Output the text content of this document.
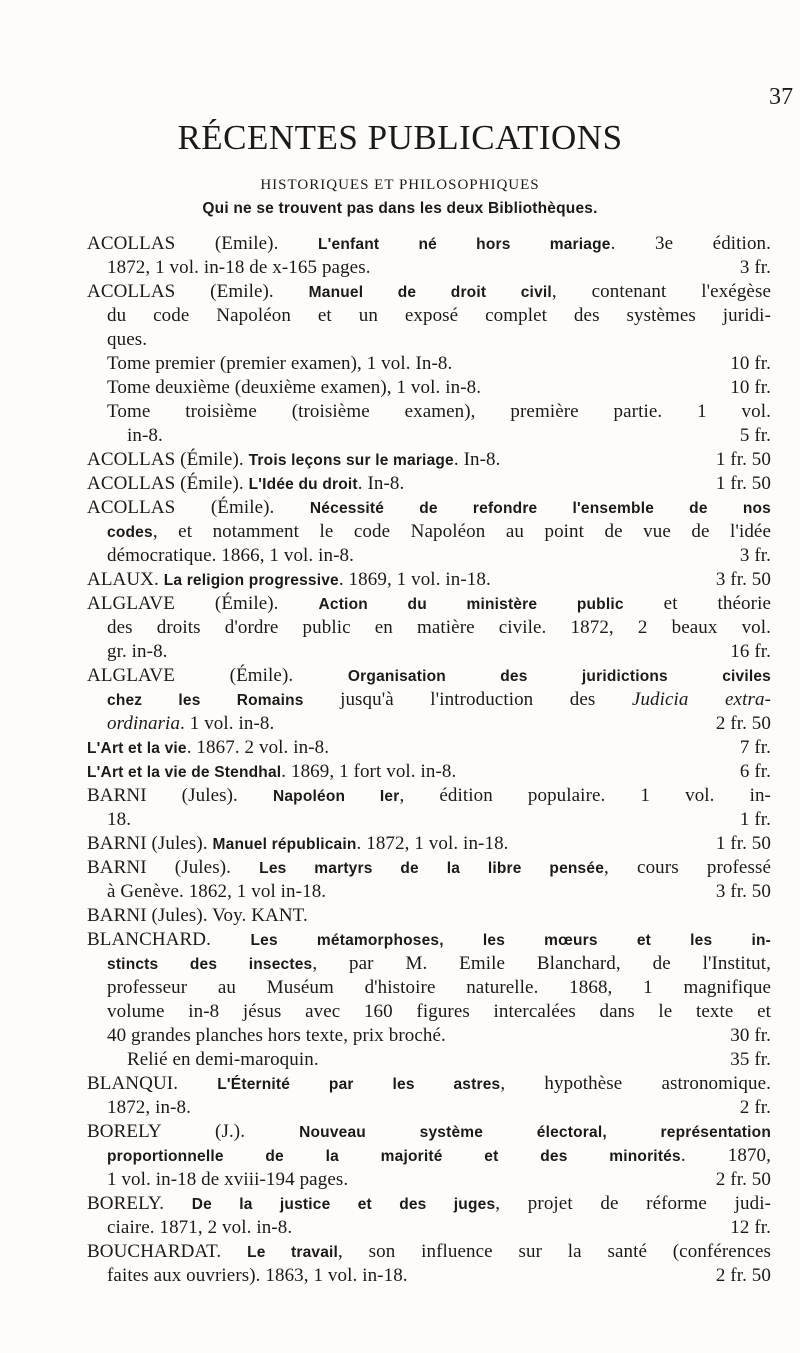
37
RÉCENTES PUBLICATIONS
HISTORIQUES ET PHILOSOPHIQUES
Qui ne se trouvent pas dans les deux Bibliothèques.
ACOLLAS (Emile). L'enfant né hors mariage. 3e édition.
1872, 1 vol. in-18 de x-165 pages.	3 fr.
ACOLLAS (Emile). Manuel de droit civil, contenant l'exégèse
du code Napoléon et un exposé complet des systèmes juridi-
ques.
Tome premier (premier examen), 1 vol. In-8.	10 fr.
Tome deuxième (deuxième examen), 1 vol. in-8.	10 fr.
Tome troisième (troisième examen), première partie. 1 vol.
in-8.	5 fr.
ACOLLAS (Émile). Trois leçons sur le mariage. In-8.	1 fr. 50
ACOLLAS (Émile). L'Idée du droit. In-8.	1 fr. 50
ACOLLAS (Émile). Nécessité de refondre l'ensemble de nos
codes, et notamment le code Napoléon au point de vue de l'idée
démocratique. 1866, 1 vol. in-8.	3 fr.
ALAUX. La religion progressive. 1869, 1 vol. in-18.	3 fr. 50
ALGLAVE (Émile). Action du ministère public et théorie
des droits d'ordre public en matière civile. 1872, 2 beaux vol.
gr. in-8.	16 fr.
ALGLAVE (Émile). Organisation des juridictions civiles
chez les Romains jusqu'à l'introduction des Judicia extra-
ordinaria. 1 vol. in-8.	2 fr. 50
L'Art et la vie. 1867. 2 vol. in-8.	7 fr.
L'Art et la vie de Stendhal. 1869, 1 fort vol. in-8.	6 fr.
BARNI (Jules). Napoléon Ier, édition populaire. 1 vol. in-
18.	1 fr.
BARNI (Jules). Manuel républicain. 1872, 1 vol. in-18.	1 fr. 50
BARNI (Jules). Les martyrs de la libre pensée, cours professé
à Genève. 1862, 1 vol in-18.	3 fr. 50
BARNI (Jules). Voy. KANT.
BLANCHARD. Les métamorphoses, les mœurs et les in-
stincts des insectes, par M. Emile Blanchard, de l'Institut,
professeur au Muséum d'histoire naturelle. 1868, 1 magnifique
volume in-8 jésus avec 160 figures intercalées dans le texte et
40 grandes planches hors texte, prix broché.	30 fr.
Relié en demi-maroquin.	35 fr.
BLANQUI. L'Éternité par les astres, hypothèse astronomique.
1872, in-8.	2 fr.
BORELY (J.). Nouveau système électoral, représentation
proportionnelle de la majorité et des minorités. 1870,
1 vol. in-18 de xviii-194 pages.	2 fr. 50
BORELY. De la justice et des juges, projet de réforme judi-
ciaire. 1871, 2 vol. in-8.	12 fr.
BOUCHARDAT. Le travail, son influence sur la santé (conférences
faites aux ouvriers). 1863, 1 vol. in-18.	2 fr. 50
